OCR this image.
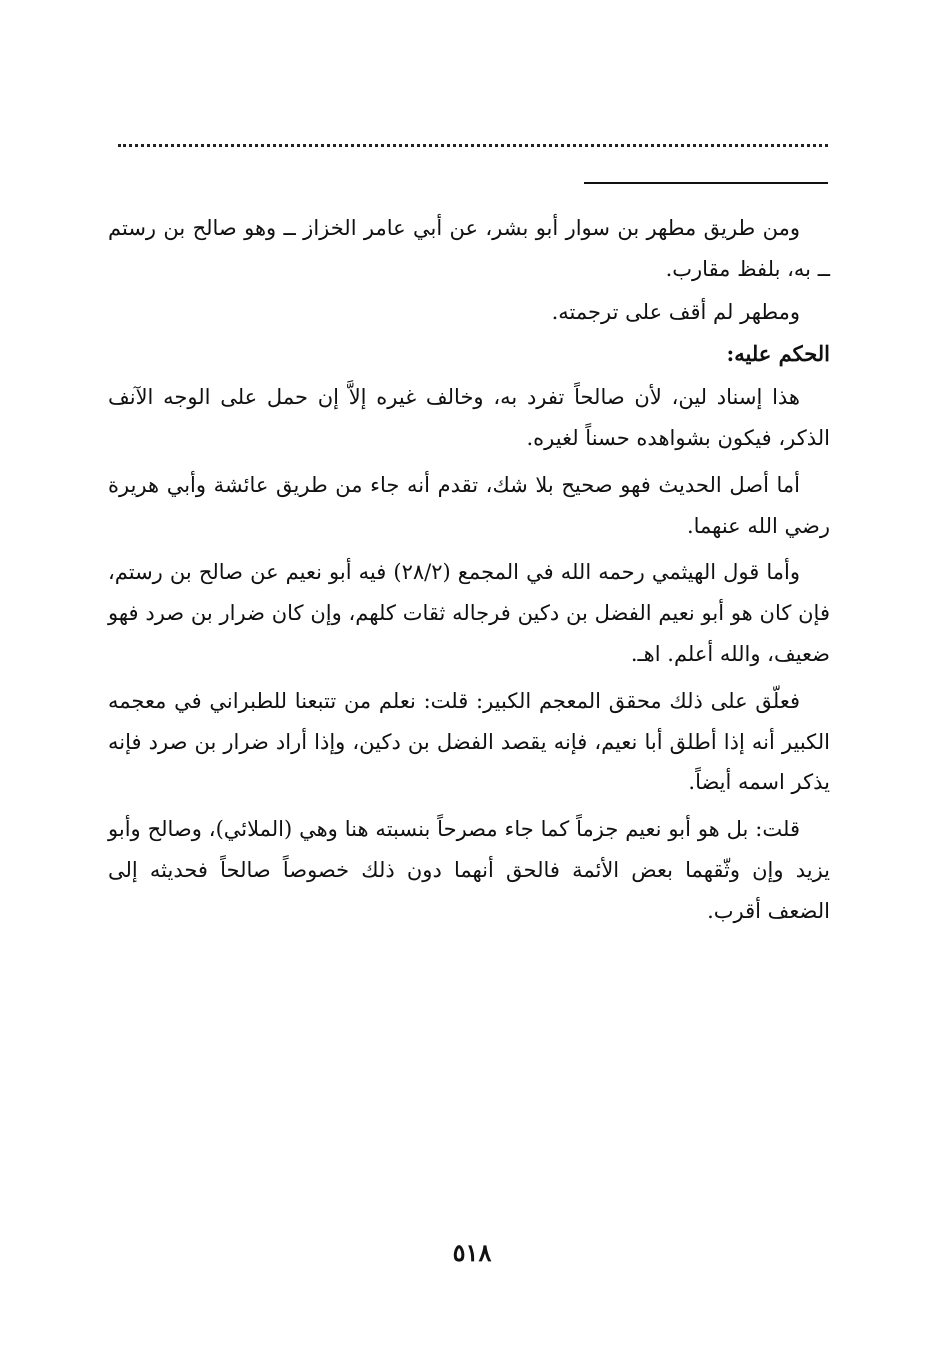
ومن طريق مطهر بن سوار أبو بشر، عن أبي عامر الخزاز ــ وهو صالح بن رستم ــ به، بلفظ مقارب.

ومطهر لم أقف على ترجمته.

الحكم عليه:

هذا إسناد لين، لأن صالحاً تفرد به، وخالف غيره إلاَّ إن حمل على الوجه الآنف الذكر، فيكون بشواهده حسناً لغيره.

أما أصل الحديث فهو صحيح بلا شك، تقدم أنه جاء من طريق عائشة وأبي هريرة رضي الله عنهما.

وأما قول الهيثمي رحمه الله في المجمع (٢٨/٢) فيه أبو نعيم عن صالح بن رستم، فإن كان هو أبو نعيم الفضل بن دكين فرجاله ثقات كلهم، وإن كان ضرار بن صرد فهو ضعيف، والله أعلم. اهـ.

فعلّق على ذلك محقق المعجم الكبير: قلت: نعلم من تتبعنا للطبراني في معجمه الكبير أنه إذا أطلق أبا نعيم، فإنه يقصد الفضل بن دكين، وإذا أراد ضرار بن صرد فإنه يذكر اسمه أيضاً.

قلت: بل هو أبو نعيم جزماً كما جاء مصرحاً بنسبته هنا وهي (الملائي)، وصالح وأبو يزيد وإن وثّقهما بعض الأئمة فالحق أنهما دون ذلك خصوصاً صالحاً فحديثه إلى الضعف أقرب.

٥١٨
